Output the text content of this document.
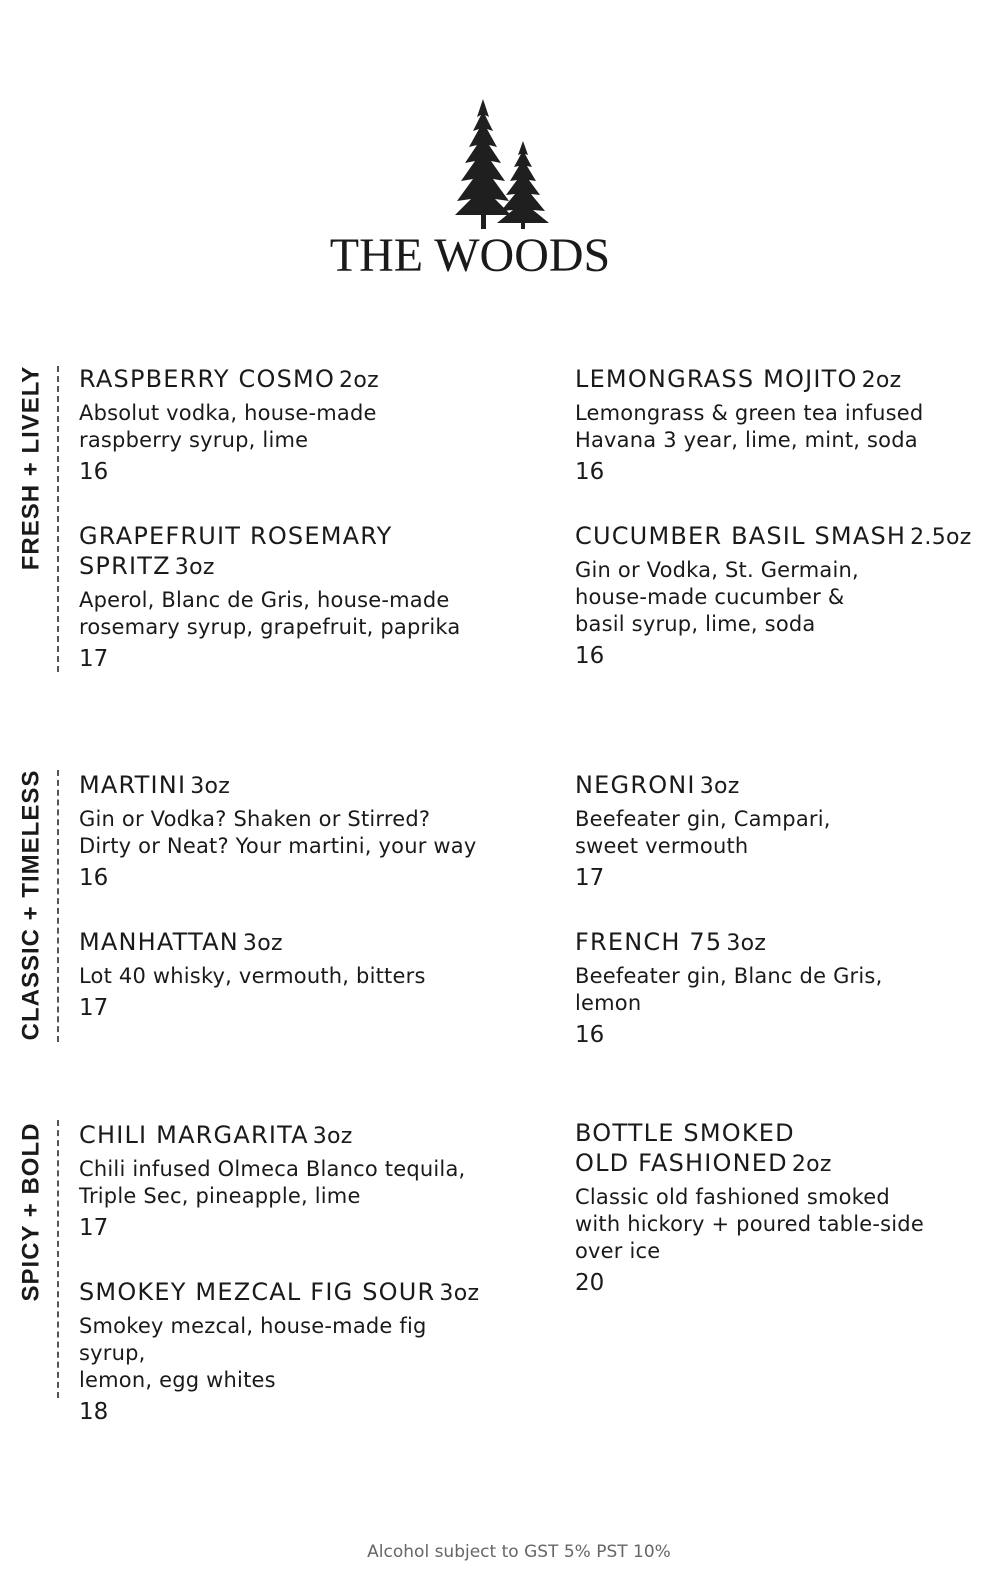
THE WOODS
FRESH + LIVELY RASPBERRY COSMO 2oz
Absolut vodka, house-made
raspberry syrup, lime
16
LEMONGRASS MOJITO 2oz
Lemongrass & green tea infused
Havana 3 year, lime, mint, soda
16
GRAPEFRUIT ROSEMARY
SPRITZ 3oz
Aperol, Blanc de Gris, house-made
rosemary syrup, grapefruit, paprika
17
CUCUMBER BASIL SMASH 2.5oz
Gin or Vodka, St. Germain,
house-made cucumber &
basil syrup, lime, soda
16
CLASSIC + TIMELESS MARTINI 3oz
Gin or Vodka? Shaken or Stirred?
Dirty or Neat? Your martini, your way
16
NEGRONI 3oz
Beefeater gin, Campari,
sweet vermouth
17
MANHATTAN 3oz
Lot 40 whisky, vermouth, bitters
17
FRENCH 75 3oz
Beefeater gin, Blanc de Gris,
lemon
16
SPICY + BOLD CHILI MARGARITA 3oz
Chili infused Olmeca Blanco tequila,
Triple Sec, pineapple, lime
17
BOTTLE SMOKED
OLD FASHIONED 2oz
Classic old fashioned smoked
with hickory + poured table-side
over ice
20
SMOKEY MEZCAL FIG SOUR 3oz
Smokey mezcal, house-made fig syrup,
lemon, egg whites
18
Alcohol subject to GST 5% PST 10%
